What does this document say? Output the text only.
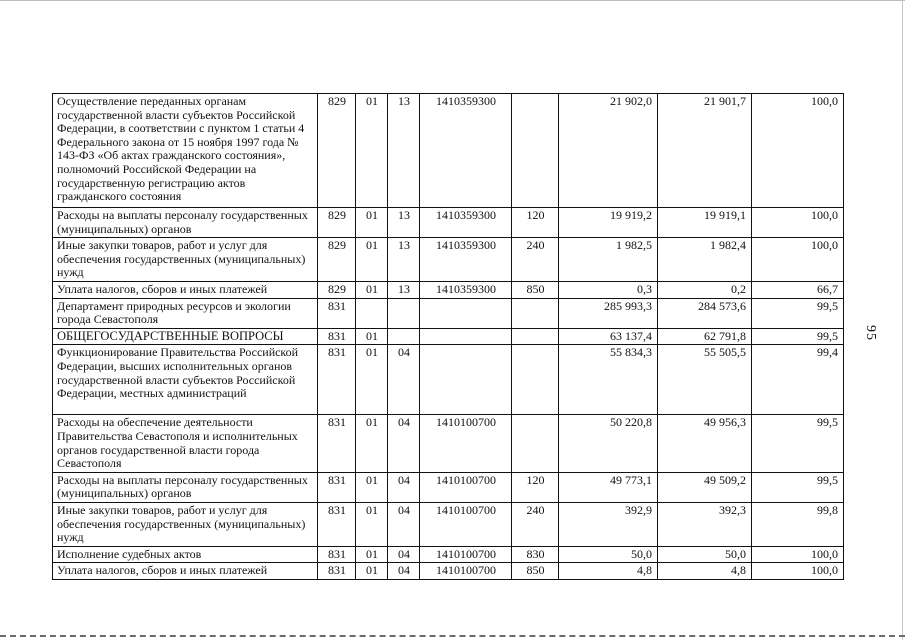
95
Осуществление переданных органам государственной власти субъектов Российской Федерации, в соответствии с пунктом 1 статьи 4 Федерального закона от 15 ноября 1997 года № 143-ФЗ «Об актах гражданского состояния», полномочий Российской Федерации на государственную регистрацию актов гражданского состояния	829	01	13	1410359300		21 902,0	21 901,7	100,0
Расходы на выплаты персоналу государственных (муниципальных) органов	829	01	13	1410359300	120	19 919,2	19 919,1	100,0
Иные закупки товаров, работ и услуг для обеспечения государственных (муниципальных) нужд	829	01	13	1410359300	240	1 982,5	1 982,4	100,0
Уплата налогов, сборов и иных платежей	829	01	13	1410359300	850	0,3	0,2	66,7
Департамент природных ресурсов и экологии города Севастополя	831					285 993,3	284 573,6	99,5
ОБЩЕГОСУДАРСТВЕННЫЕ ВОПРОСЫ	831	01				63 137,4	62 791,8	99,5
Функционирование Правительства Российской Федерации, высших исполнительных органов государственной власти субъектов Российской Федерации, местных администраций	831	01	04			55 834,3	55 505,5	99,4
Расходы на обеспечение деятельности Правительства Севастополя и исполнительных органов государственной власти города Севастополя	831	01	04	1410100700		50 220,8	49 956,3	99,5
Расходы на выплаты персоналу государственных (муниципальных) органов	831	01	04	1410100700	120	49 773,1	49 509,2	99,5
Иные закупки товаров, работ и услуг для обеспечения государственных (муниципальных) нужд	831	01	04	1410100700	240	392,9	392,3	99,8
Исполнение судебных актов	831	01	04	1410100700	830	50,0	50,0	100,0
Уплата налогов, сборов и иных платежей	831	01	04	1410100700	850	4,8	4,8	100,0
